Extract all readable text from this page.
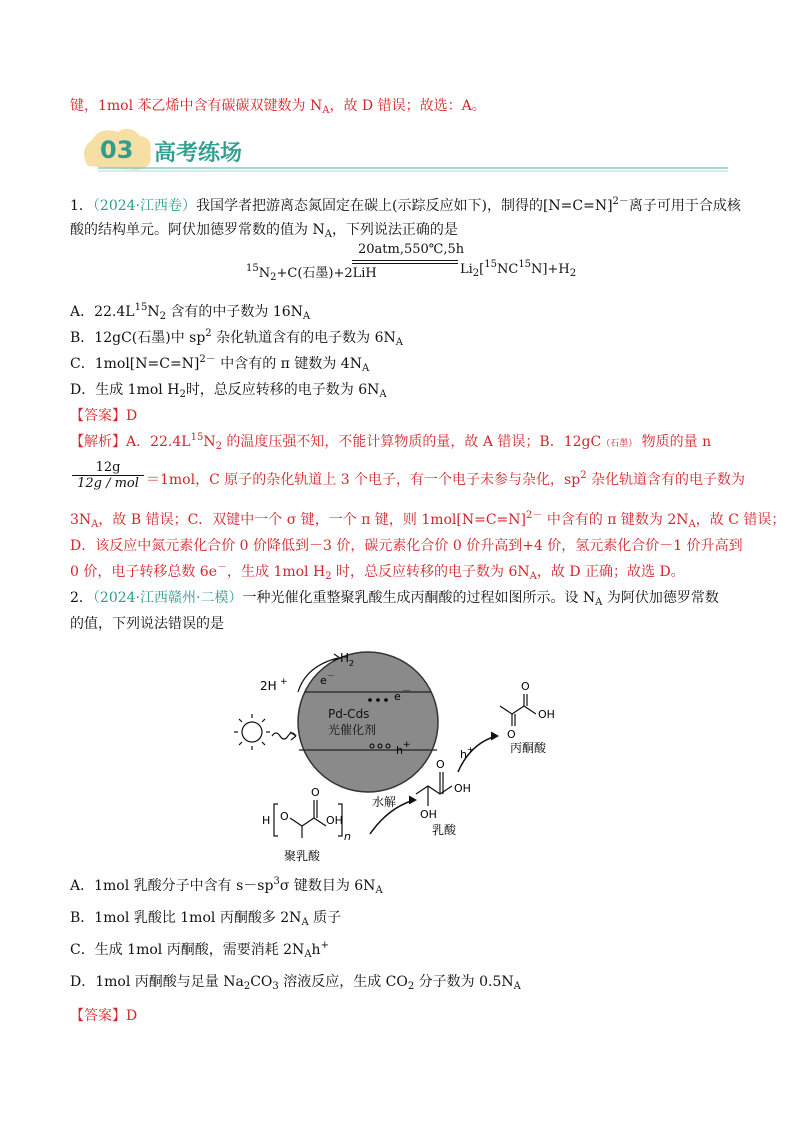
键，1mol 苯乙烯中含有碳碳双键数为 $N_A$，故 D 错误；故选：A。
03 高考练场
1．（2024·江西卷）我国学者把游离态氮固定在碳上(示踪反应如下)，制得的[N=C=N]$^{2-}$离子可用于合成核
酸的结构单元。阿伏加德罗常数的值为 $N_A$，下列说法正确的是
20atm,550℃,5h
$^{15}N_2+C$(石墨)+2LiH	$Li_2[^{15}NC^{15}N]+H_2$
A．$22.4L^{15}N_2$ 含有的中子数为 $16N_A$
B．12gC(石墨)中 $sp^2$ 杂化轨道含有的电子数为 $6N_A$
C．1mol[N=C=N]$^{2-}$ 中含有的 π 键数为 $4N_A$
D．生成 1mol $H_2$时，总反应转移的电子数为 $6N_A$
【答案】D
【解析】A．$22.4L^{15}N_2$ 的温度压强不知，不能计算物质的量，故 A 错误；B．12gC（石墨） 物质的量 n
12g
12g / mol ＝1mol，C 原子的杂化轨道上 3 个电子，有一个电子未参与杂化，$sp^2$ 杂化轨道含有的电子数为
$3N_A$，故 B 错误；C．双键中一个 σ 键，一个 π 键，则 1mol[N=C=N]$^{2-}$ 中含有的 π 键数为 $2N_A$，故 C 错误；
D．该反应中氮元素化合价 0 价降低到－3 价，碳元素化合价 0 价升高到+4 价，氢元素化合价－1 价升高到
0 价，电子转移总数 6e－，生成 1mol $H_2$ 时，总反应转移的电子数为 $6N_A$，故 D 正确；故选 D。
2．（2024·江西赣州·二模）一种光催化重整聚乳酸生成丙酮酸的过程如图所示。设 $N_A$ 为阿伏加德罗常数
的值，下列说法错误的是
e －
Pd-Cds
光催化剂
h +
H 2
e －
2H +	O
OH
O
丙酮酸
h +
O
OH
OH
乳酸
水解
H O
O
OH
n
聚乳酸
A．1mol 乳酸分子中含有 $s-sp^3\sigma$ 键数目为 $6N_A$
B．1mol 乳酸比 1mol 丙酮酸多 $2N_A$ 质子
C．生成 1mol 丙酮酸，需要消耗 $2N_Ah^+$
D．1mol 丙酮酸与足量 $Na_2CO_3$ 溶液反应，生成 $CO_2$ 分子数为 $0.5N_A$
【答案】D
